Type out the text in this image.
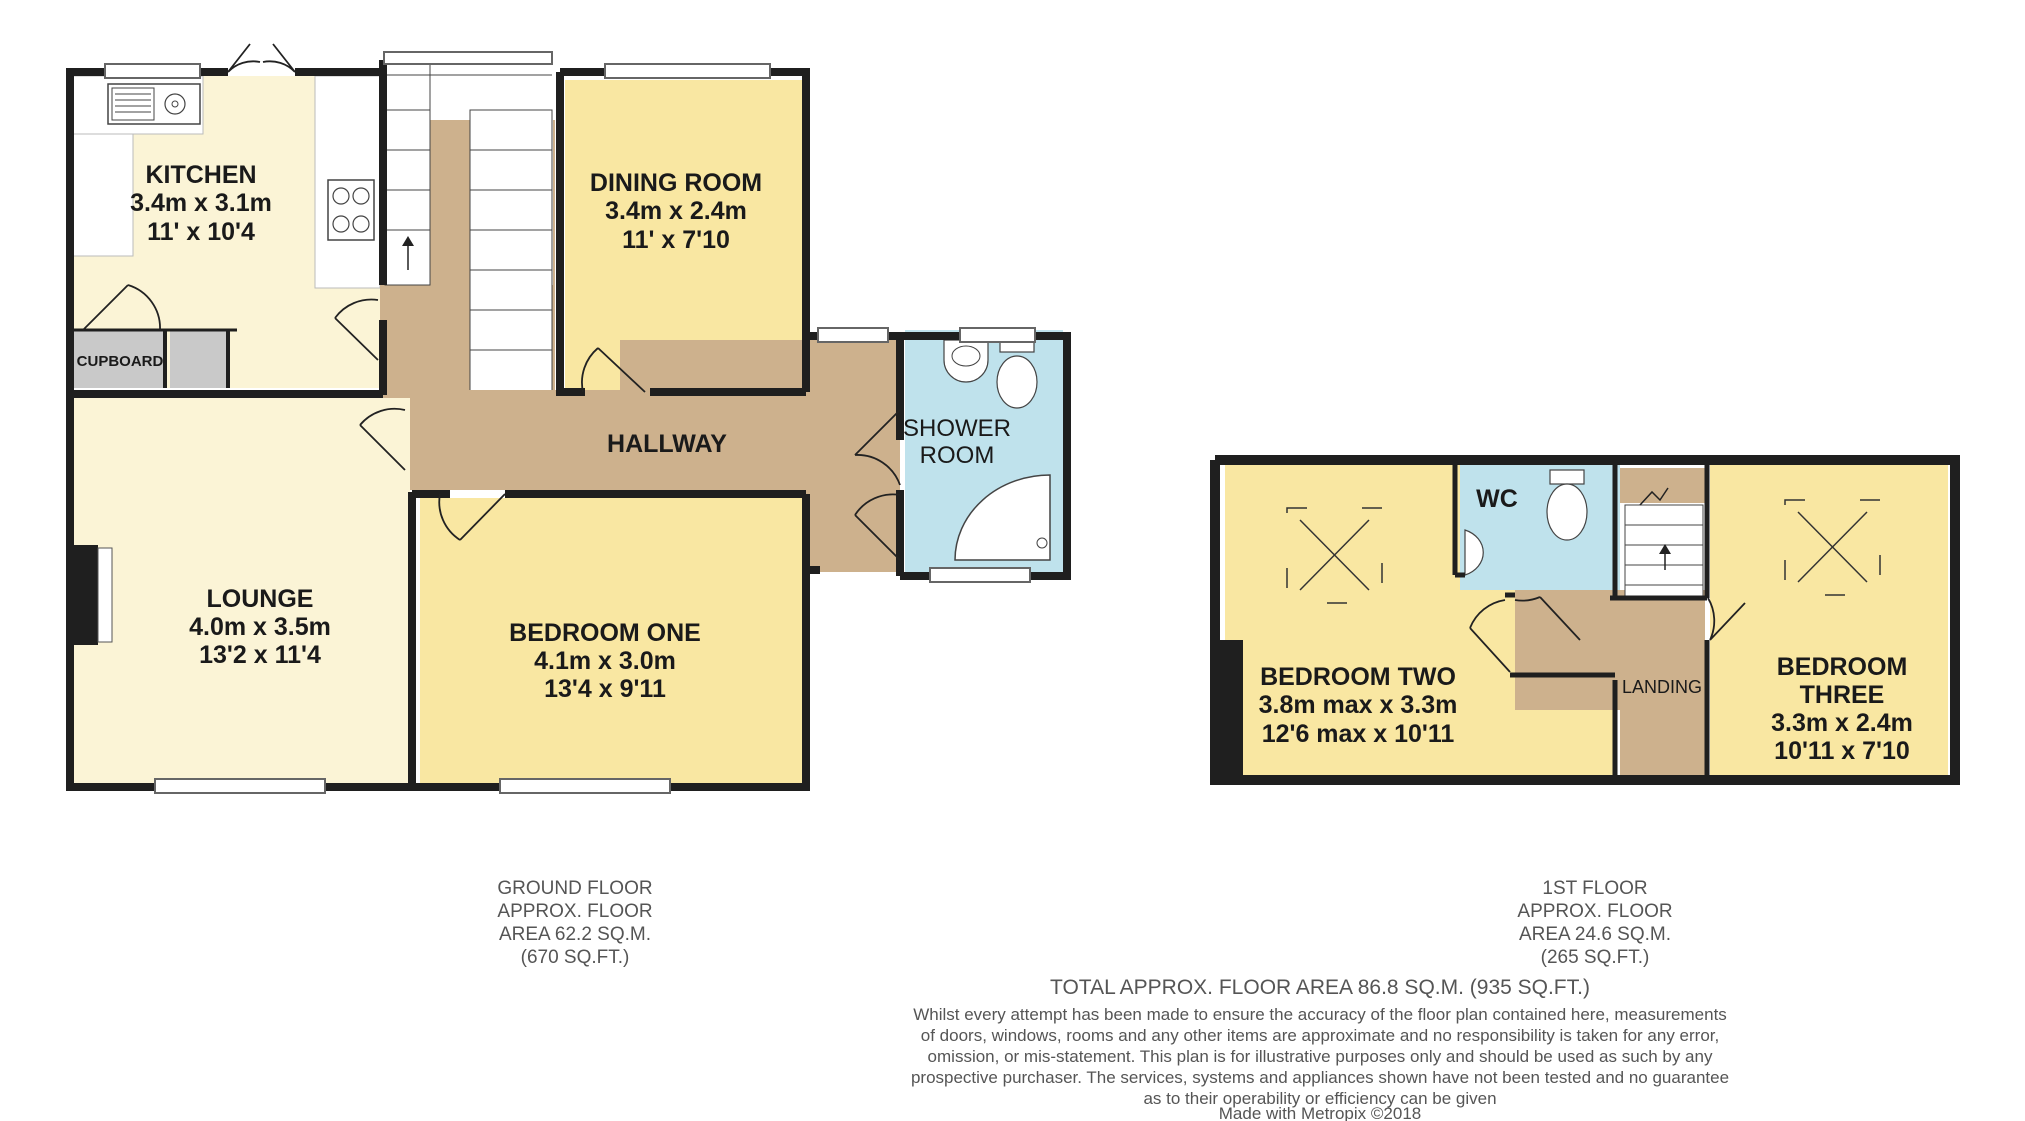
KITCHEN
3.4m x 3.1m
11' x 10'4
DINING ROOM
3.4m x 2.4m
11' x 7'10
CUPBOARD
HALLWAY
SHOWER
ROOM
LOUNGE
4.0m x 3.5m
13'2 x 11'4
BEDROOM ONE
4.1m x 3.0m
13'4 x 9'11	BEDROOM TWO
3.8m max x 3.3m
12'6 max x 10'11
WC
LANDING
BEDROOM
THREE
3.3m x 2.4m
10'11 x 7'10
GROUND FLOOR
APPROX. FLOOR
AREA 62.2 SQ.M.
(670 SQ.FT.)
1ST FLOOR
APPROX. FLOOR
AREA 24.6 SQ.M.
(265 SQ.FT.)
TOTAL APPROX. FLOOR AREA 86.8 SQ.M. (935 SQ.FT.)
Whilst every attempt has been made to ensure the accuracy of the floor plan contained here, measurements
of doors, windows, rooms and any other items are approximate and no responsibility is taken for any error,
omission, or mis-statement. This plan is for illustrative purposes only and should be used as such by any
prospective purchaser. The services, systems and appliances shown have not been tested and no guarantee
as to their operability or efficiency can be given
Made with Metropix ©2018
